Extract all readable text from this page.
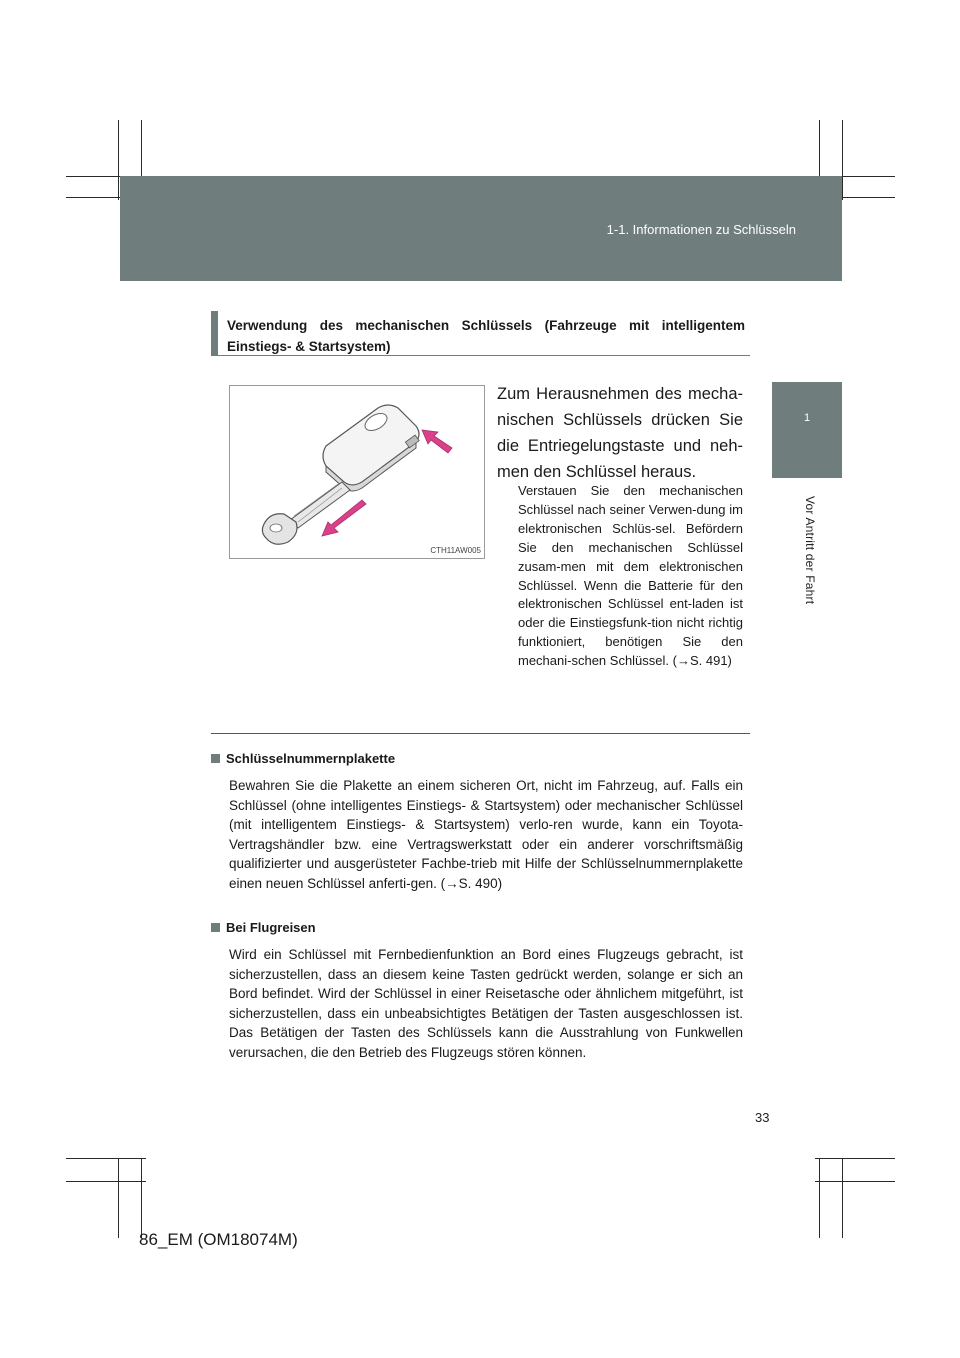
1-1. Informationen zu Schlüsseln
1
Vor Antritt der Fahrt
Verwendung des mechanischen Schlüssels (Fahrzeuge mit intelligentem Einstiegs- & Startsystem)
CTH11AW005
Zum Herausnehmen des mecha-nischen Schlüssels drücken Sie die Entriegelungstaste und neh-men den Schlüssel heraus.
Verstauen Sie den mechanischen Schlüssel nach seiner Verwen-dung im elektronischen Schlüs-sel. Befördern Sie den mechanischen Schlüssel zusam-men mit dem elektronischen Schlüssel. Wenn die Batterie für den elektronischen Schlüssel ent-laden ist oder die Einstiegsfunk-tion nicht richtig funktioniert, benötigen Sie den mechani-schen Schlüssel. (→S. 491)
Schlüsselnummernplakette
Bewahren Sie die Plakette an einem sicheren Ort, nicht im Fahrzeug, auf. Falls ein Schlüssel (ohne intelligentes Einstiegs- & Startsystem) oder mechanischer Schlüssel (mit intelligentem Einstiegs- & Startsystem) verlo-ren wurde, kann ein Toyota-Vertragshändler bzw. eine Vertragswerkstatt oder ein anderer vorschriftsmäßig qualifizierter und ausgerüsteter Fachbe-trieb mit Hilfe der Schlüsselnummernplakette einen neuen Schlüssel anferti-gen. (→S. 490)
Bei Flugreisen
Wird ein Schlüssel mit Fernbedienfunktion an Bord eines Flugzeugs gebracht, ist sicherzustellen, dass an diesem keine Tasten gedrückt werden, solange er sich an Bord befindet. Wird der Schlüssel in einer Reisetasche oder ähnlichem mitgeführt, ist sicherzustellen, dass ein unbeabsichtigtes Betätigen der Tasten ausgeschlossen ist. Das Betätigen der Tasten des Schlüssels kann die Ausstrahlung von Funkwellen verursachen, die den Betrieb des Flugzeugs stören können.
33
86_EM (OM18074M)
